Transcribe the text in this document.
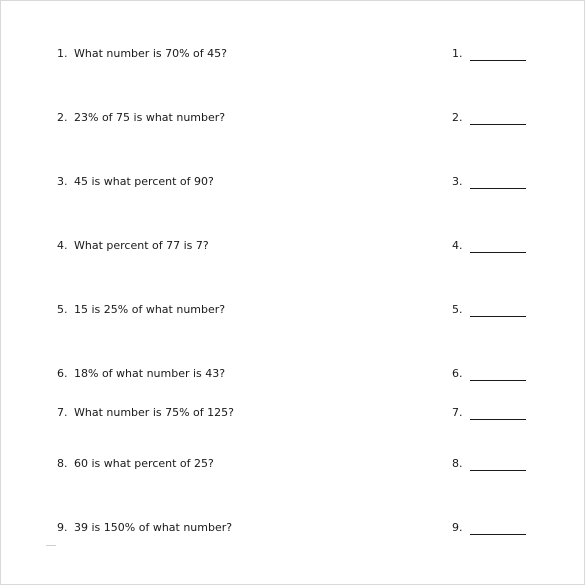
1. What number is 70% of 45?	1.
2. 23% of 75 is what number?	2.
3. 45 is what percent of 90?	3.
4. What percent of 77 is 7?	4.
5. 15 is 25% of what number?	5.
6. 18% of what number is 43?	6.
7. What number is 75% of 125?	7.
8. 60 is what percent of 25?	8.
9. 39 is 150% of what number?	9.
